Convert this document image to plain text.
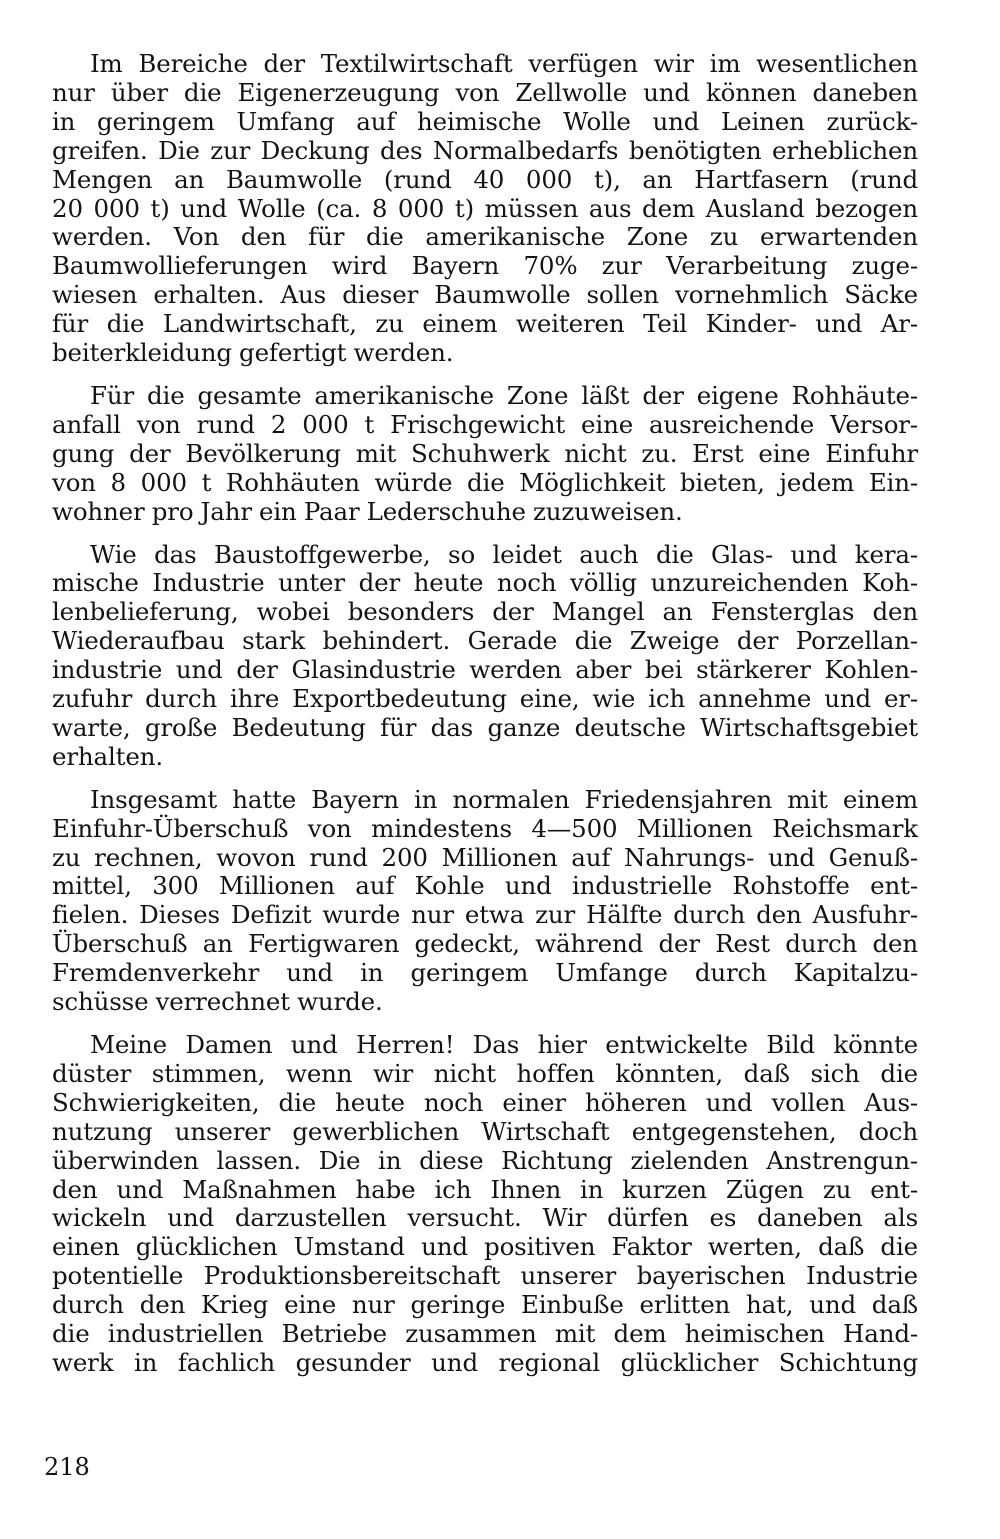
Im Bereiche der Textilwirtschaft verfügen wir im wesentlichen
nur über die Eigenerzeugung von Zellwolle und können daneben
in geringem Umfang auf heimische Wolle und Leinen zurück-
greifen. Die zur Deckung des Normalbedarfs benötigten erheblichen
Mengen an Baumwolle (rund 40 000 t), an Hartfasern (rund
20 000 t) und Wolle (ca. 8 000 t) müssen aus dem Ausland bezogen
werden. Von den für die amerikanische Zone zu erwartenden
Baumwollieferungen wird Bayern 70% zur Verarbeitung zuge-
wiesen erhalten. Aus dieser Baumwolle sollen vornehmlich Säcke
für die Landwirtschaft, zu einem weiteren Teil Kinder- und Ar-
beiterkleidung gefertigt werden.
Für die gesamte amerikanische Zone läßt der eigene Rohhäute-
anfall von rund 2 000 t Frischgewicht eine ausreichende Versor-
gung der Bevölkerung mit Schuhwerk nicht zu. Erst eine Einfuhr
von 8 000 t Rohhäuten würde die Möglichkeit bieten, jedem Ein-
wohner pro Jahr ein Paar Lederschuhe zuzuweisen.
Wie das Baustoffgewerbe, so leidet auch die Glas- und kera-
mische Industrie unter der heute noch völlig unzureichenden Koh-
lenbelieferung, wobei besonders der Mangel an Fensterglas den
Wiederaufbau stark behindert. Gerade die Zweige der Porzellan-
industrie und der Glasindustrie werden aber bei stärkerer Kohlen-
zufuhr durch ihre Exportbedeutung eine, wie ich annehme und er-
warte, große Bedeutung für das ganze deutsche Wirtschaftsgebiet
erhalten.
Insgesamt hatte Bayern in normalen Friedensjahren mit einem
Einfuhr-Überschuß von mindestens 4—500 Millionen Reichsmark
zu rechnen, wovon rund 200 Millionen auf Nahrungs- und Genuß-
mittel, 300 Millionen auf Kohle und industrielle Rohstoffe ent-
fielen. Dieses Defizit wurde nur etwa zur Hälfte durch den Ausfuhr-
Überschuß an Fertigwaren gedeckt, während der Rest durch den
Fremdenverkehr und in geringem Umfange durch Kapitalzu-
schüsse verrechnet wurde.
Meine Damen und Herren! Das hier entwickelte Bild könnte
düster stimmen, wenn wir nicht hoffen könnten, daß sich die
Schwierigkeiten, die heute noch einer höheren und vollen Aus-
nutzung unserer gewerblichen Wirtschaft entgegenstehen, doch
überwinden lassen. Die in diese Richtung zielenden Anstrengun-
den und Maßnahmen habe ich Ihnen in kurzen Zügen zu ent-
wickeln und darzustellen versucht. Wir dürfen es daneben als
einen glücklichen Umstand und positiven Faktor werten, daß die
potentielle Produktionsbereitschaft unserer bayerischen Industrie
durch den Krieg eine nur geringe Einbuße erlitten hat, und daß
die industriellen Betriebe zusammen mit dem heimischen Hand-
werk in fachlich gesunder und regional glücklicher Schichtung
218
